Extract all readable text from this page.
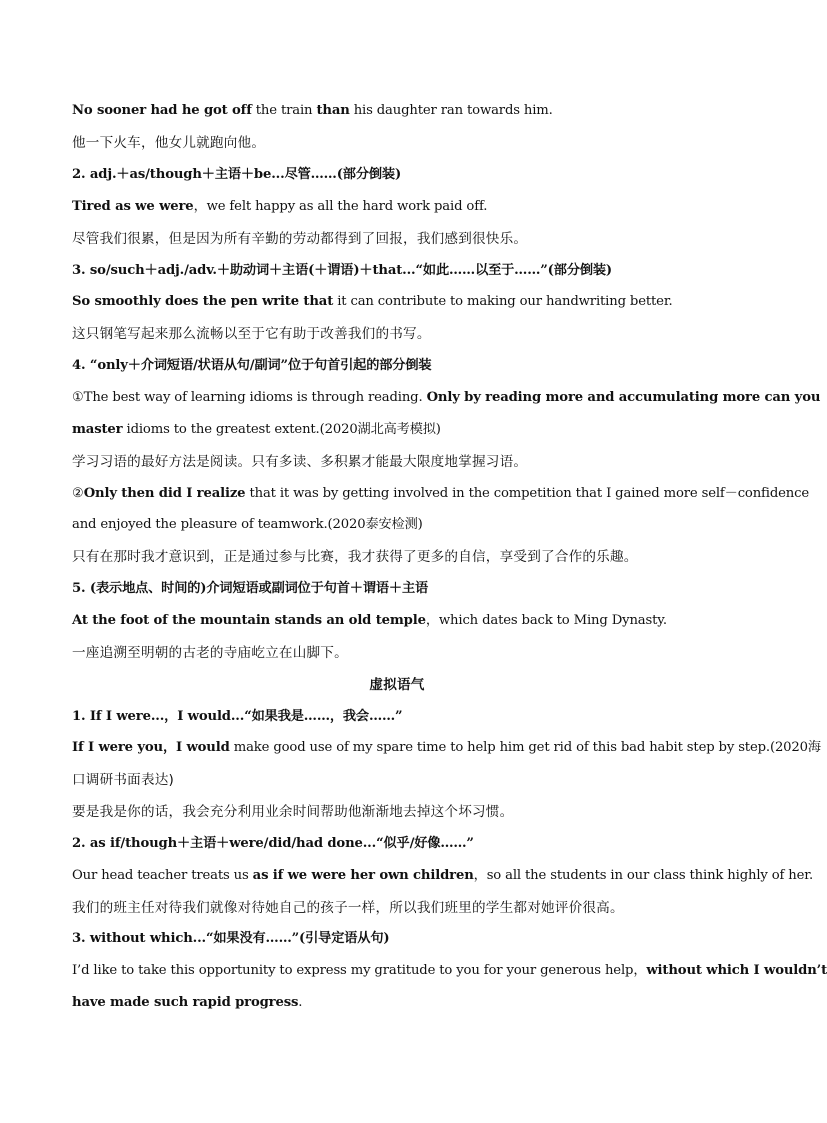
No sooner had he got off the train than his daughter ran towards him.

他一下火车，他女儿就跑向他。

2. adj.＋as/though＋主语＋be...尽管……(部分倒装)

Tired as we were，we felt happy as all the hard work paid off.

尽管我们很累，但是因为所有辛勤的劳动都得到了回报，我们感到很快乐。

3. so/such＋adj./adv.＋助动词＋主语(＋谓语)＋that...“如此……以至于……”(部分倒装)

So smoothly does the pen write that it can contribute to making our handwriting better.

这只钢笔写起来那么流畅以至于它有助于改善我们的书写。

4. “only＋介词短语/状语从句/副词”位于句首引起的部分倒装

①The best way of learning idioms is through reading. Only by reading more and accumulating more can you

master idioms to the greatest extent.(2020湖北高考模拟)

学习习语的最好方法是阅读。只有多读、多积累才能最大限度地掌握习语。

②Only then did I realize that it was by getting involved in the competition that I gained more self－confidence

and enjoyed the pleasure of teamwork.(2020泰安检测)

只有在那时我才意识到，正是通过参与比赛，我才获得了更多的自信，享受到了合作的乐趣。

5. (表示地点、时间的)介词短语或副词位于句首＋谓语＋主语

At the foot of the mountain stands an old temple，which dates back to Ming Dynasty.

一座追溯至明朝的古老的寺庙屹立在山脚下。

虚拟语气

1. If I were...，I would...“如果我是……，我会……”

If I were you，I would make good use of my spare time to help him get rid of this bad habit step by step.(2020海

口调研书面表达)

要是我是你的话，我会充分利用业余时间帮助他渐渐地去掉这个坏习惯。

2. as if/though＋主语＋were/did/had done...“似乎/好像……”

Our head teacher treats us as if we were her own children，so all the students in our class think highly of her.

我们的班主任对待我们就像对待她自己的孩子一样，所以我们班里的学生都对她评价很高。

3. without which...“如果没有……”(引导定语从句)

I’d like to take this opportunity to express my gratitude to you for your generous help，without which I wouldn’t

have made such rapid progress.
